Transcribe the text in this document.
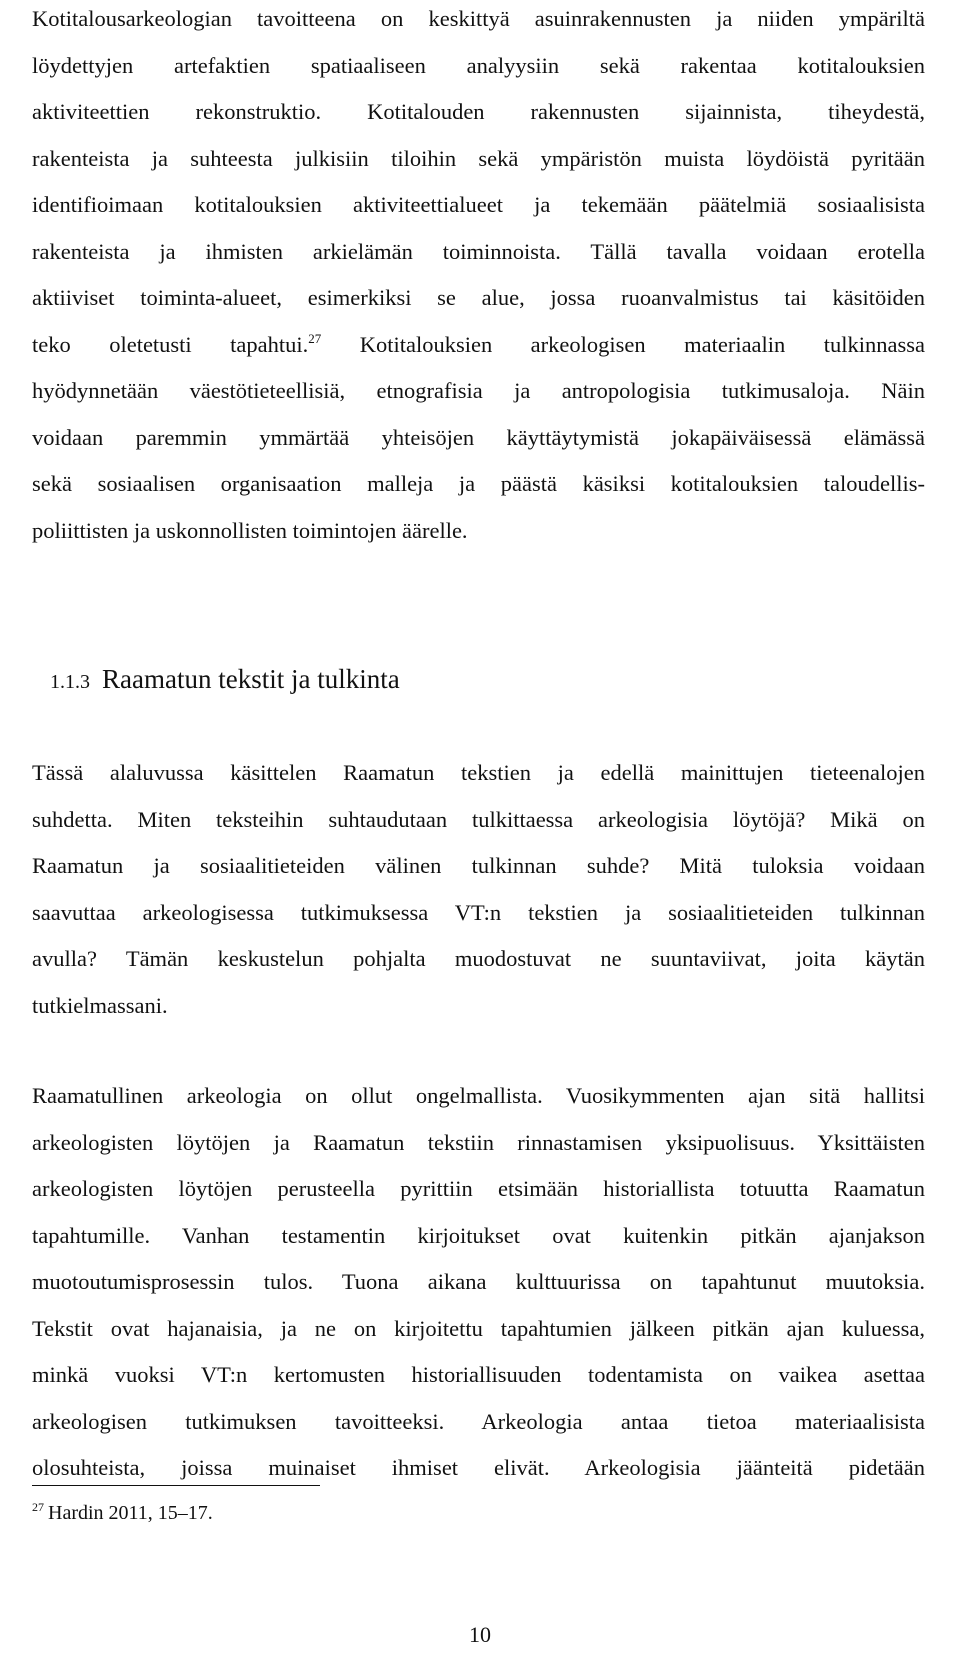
Kotitalousarkeologian tavoitteena on keskittyä asuinrakennusten ja niiden ympäriltä
löydettyjen artefaktien spatiaaliseen analyysiin sekä rakentaa kotitalouksien
aktiviteettien rekonstruktio. Kotitalouden rakennusten sijainnista, tiheydestä,
rakenteista ja suhteesta julkisiin tiloihin sekä ympäristön muista löydöistä pyritään
identifioimaan kotitalouksien aktiviteettialueet ja tekemään päätelmiä sosiaalisista
rakenteista ja ihmisten arkielämän toiminnoista. Tällä tavalla voidaan erotella
aktiiviset toiminta-alueet, esimerkiksi se alue, jossa ruoanvalmistus tai käsitöiden
teko oletetusti tapahtui.$^{27}$ Kotitalouksien arkeologisen materiaalin tulkinnassa
hyödynnetään väestötieteellisiä, etnografisia ja antropologisia tutkimusaloja. Näin
voidaan paremmin ymmärtää yhteisöjen käyttäytymistä jokapäiväisessä elämässä
sekä sosiaalisen organisaation malleja ja päästä käsiksi kotitalouksien taloudellis-
poliittisten ja uskonnollisten toimintojen äärelle.

1.1.3 Raamatun tekstit ja tulkinta

Tässä alaluvussa käsittelen Raamatun tekstien ja edellä mainittujen tieteenalojen
suhdetta. Miten teksteihin suhtaudutaan tulkittaessa arkeologisia löytöjä? Mikä on
Raamatun ja sosiaalitieteiden välinen tulkinnan suhde? Mitä tuloksia voidaan
saavuttaa arkeologisessa tutkimuksessa VT:n tekstien ja sosiaalitieteiden tulkinnan
avulla? Tämän keskustelun pohjalta muodostuvat ne suuntaviivat, joita käytän
tutkielmassani.

Raamatullinen arkeologia on ollut ongelmallista. Vuosikymmenten ajan sitä hallitsi
arkeologisten löytöjen ja Raamatun tekstiin rinnastamisen yksipuolisuus. Yksittäisten
arkeologisten löytöjen perusteella pyrittiin etsimään historiallista totuutta Raamatun
tapahtumille. Vanhan testamentin kirjoitukset ovat kuitenkin pitkän ajanjakson
muotoutumisprosessin tulos. Tuona aikana kulttuurissa on tapahtunut muutoksia.
Tekstit ovat hajanaisia, ja ne on kirjoitettu tapahtumien jälkeen pitkän ajan kuluessa,
minkä vuoksi VT:n kertomusten historiallisuuden todentamista on vaikea asettaa
arkeologisen tutkimuksen tavoitteeksi. Arkeologia antaa tietoa materiaalisista
olosuhteista, joissa muinaiset ihmiset elivät. Arkeologisia jäänteitä pidetään

$^{27}$ Hardin 2011, 15‒17.
10
